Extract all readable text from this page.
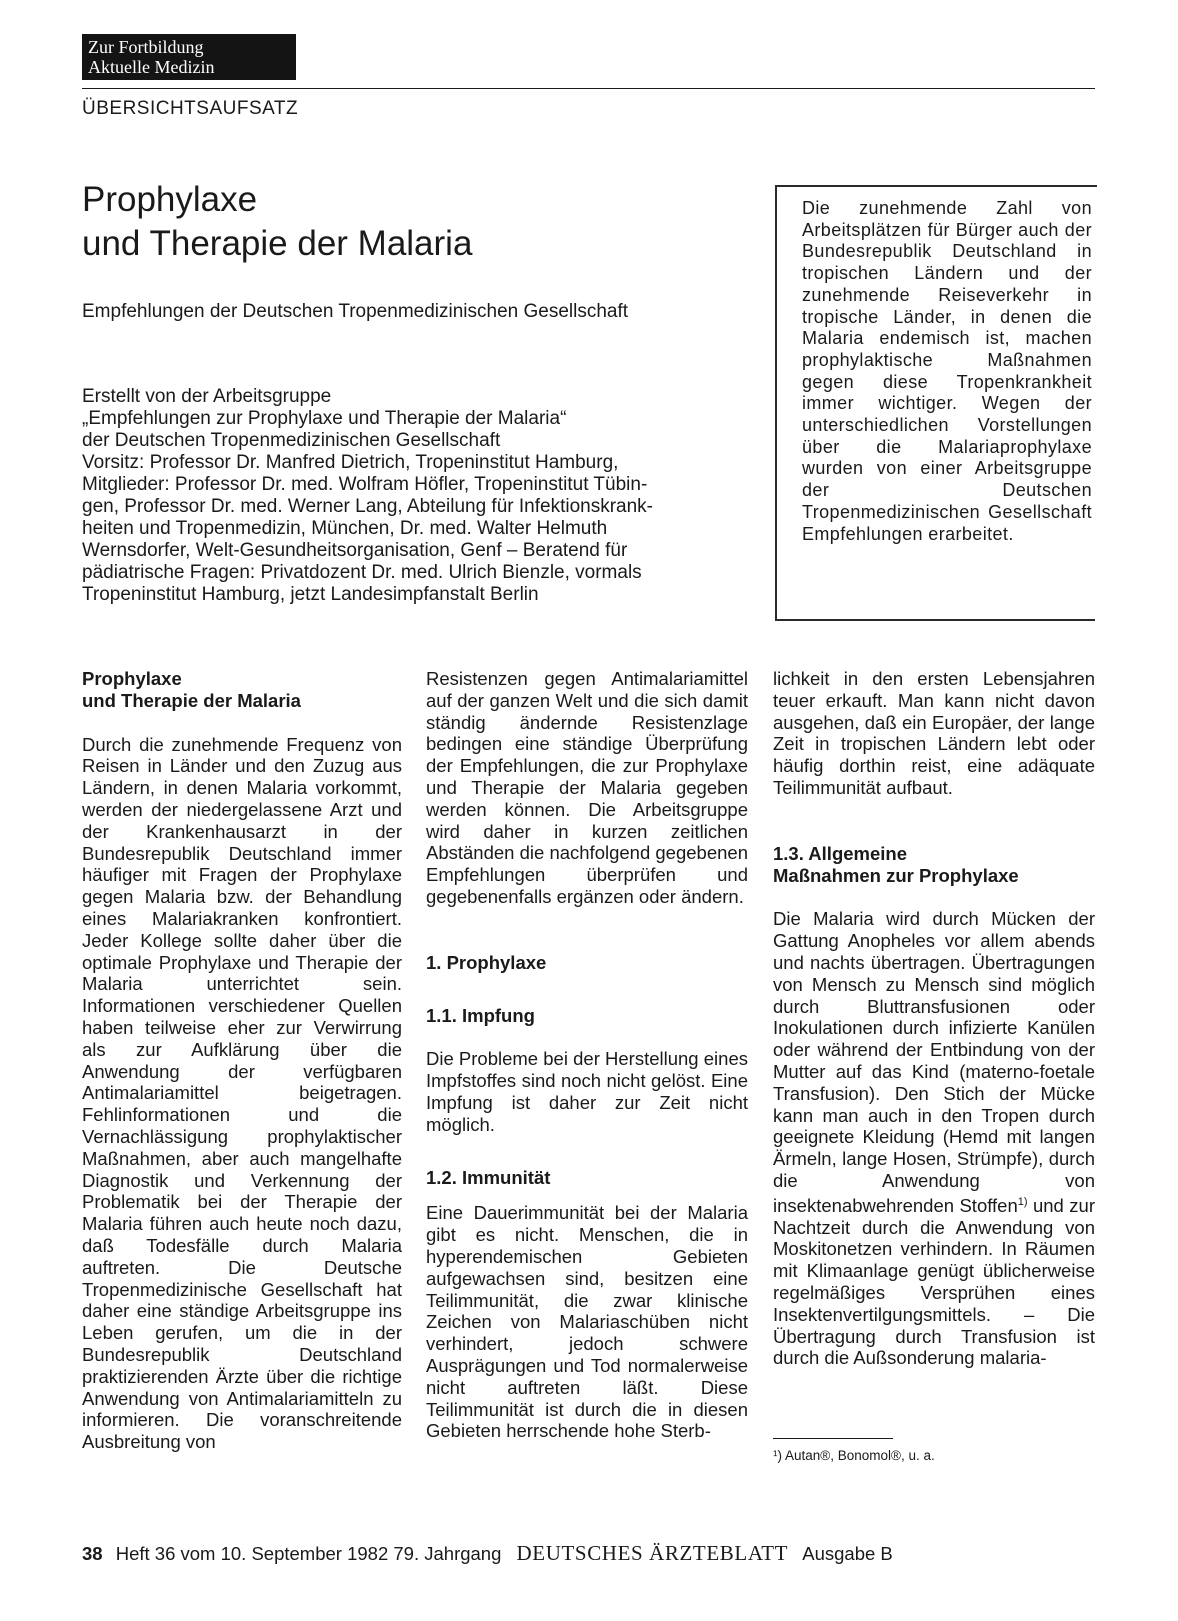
Zur Fortbildung
Aktuelle Medizin
ÜBERSICHTSAUFSATZ
Prophylaxe
und Therapie der Malaria
Empfehlungen der Deutschen Tropenmedizinischen Gesellschaft
Erstellt von der Arbeitsgruppe
„Empfehlungen zur Prophylaxe und Therapie der Malaria“
der Deutschen Tropenmedizinischen Gesellschaft
Vorsitz: Professor Dr. Manfred Dietrich, Tropeninstitut Hamburg,
Mitglieder: Professor Dr. med. Wolfram Höfler, Tropeninstitut Tübin-
gen, Professor Dr. med. Werner Lang, Abteilung für Infektionskrank-
heiten und Tropenmedizin, München, Dr. med. Walter Helmuth
Wernsdorfer, Welt-Gesundheitsorganisation, Genf – Beratend für
pädiatrische Fragen: Privatdozent Dr. med. Ulrich Bienzle, vormals
Tropeninstitut Hamburg, jetzt Landesimpfanstalt Berlin
Die zunehmende Zahl von Arbeitsplätzen für Bürger auch der Bundesrepublik Deutschland in tropischen Ländern und der zunehmende Reiseverkehr in tropische Länder, in denen die Malaria endemisch ist, machen prophylaktische Maßnahmen gegen diese Tropenkrankheit immer wichtiger. Wegen der unterschiedlichen Vorstellungen über die Malariaprophylaxe wurden von einer Arbeitsgruppe der Deutschen Tropenmedizinischen Gesellschaft Empfehlungen erarbeitet.
Prophylaxe
und Therapie der Malaria

Durch die zunehmende Frequenz von Reisen in Länder und den Zuzug aus Ländern, in denen Malaria vorkommt, werden der niedergelassene Arzt und der Krankenhausarzt in der Bundesrepublik Deutschland immer häufiger mit Fragen der Prophylaxe gegen Malaria bzw. der Behandlung eines Malariakranken konfrontiert. Jeder Kollege sollte daher über die optimale Prophylaxe und Therapie der Malaria unterrichtet sein. Informationen verschiedener Quellen haben teilweise eher zur Verwirrung als zur Aufklärung über die Anwendung der verfügbaren Antimalariamittel beigetragen. Fehlinformationen und die Vernachlässigung prophylaktischer Maßnahmen, aber auch mangelhafte Diagnostik und Verkennung der Problematik bei der Therapie der Malaria führen auch heute noch dazu, daß Todesfälle durch Malaria auftreten. Die Deutsche Tropenmedizinische Gesellschaft hat daher eine ständige Arbeitsgruppe ins Leben gerufen, um die in der Bundesrepublik Deutschland praktizierenden Ärzte über die richtige Anwendung von Antimalariamitteln zu informieren. Die voranschreitende Ausbreitung von

Resistenzen gegen Antimalariamittel auf der ganzen Welt und die sich damit ständig ändernde Resistenzlage bedingen eine ständige Überprüfung der Empfehlungen, die zur Prophylaxe und Therapie der Malaria gegeben werden können. Die Arbeitsgruppe wird daher in kurzen zeitlichen Abständen die nachfolgend gegebenen Empfehlungen überprüfen und gegebenenfalls ergänzen oder ändern.

1. Prophylaxe
1.1. Impfung

Die Probleme bei der Herstellung eines Impfstoffes sind noch nicht gelöst. Eine Impfung ist daher zur Zeit nicht möglich.

1.2. Immunität

Eine Dauerimmunität bei der Malaria gibt es nicht. Menschen, die in hyperendemischen Gebieten aufgewachsen sind, besitzen eine Teilimmunität, die zwar klinische Zeichen von Malariaschüben nicht verhindert, jedoch schwere Ausprägungen und Tod normalerweise nicht auftreten läßt. Diese Teilimmunität ist durch die in diesen Gebieten herrschende hohe Sterb-

lichkeit in den ersten Lebensjahren teuer erkauft. Man kann nicht davon ausgehen, daß ein Europäer, der lange Zeit in tropischen Ländern lebt oder häufig dorthin reist, eine adäquate Teilimmunität aufbaut.

1.3. Allgemeine
Maßnahmen zur Prophylaxe

Die Malaria wird durch Mücken der Gattung Anopheles vor allem abends und nachts übertragen. Übertragungen von Mensch zu Mensch sind möglich durch Bluttransfusionen oder Inokulationen durch infizierte Kanülen oder während der Entbindung von der Mutter auf das Kind (materno-foetale Transfusion). Den Stich der Mücke kann man auch in den Tropen durch geeignete Kleidung (Hemd mit langen Ärmeln, lange Hosen, Strümpfe), durch die Anwendung von insektenabwehrenden Stoffen$^{1)}$ und zur Nachtzeit durch die Anwendung von Moskitonetzen verhindern. In Räumen mit Klimaanlage genügt üblicherweise regelmäßiges Versprühen eines Insektenvertilgungsmittels. – Die Übertragung durch Transfusion ist durch die Außsonderung malaria-

¹) Autan®, Bonomol®, u. a.
38 Heft 36 vom 10. September 1982 79. Jahrgang DEUTSCHES ÄRZTEBLATT Ausgabe B
